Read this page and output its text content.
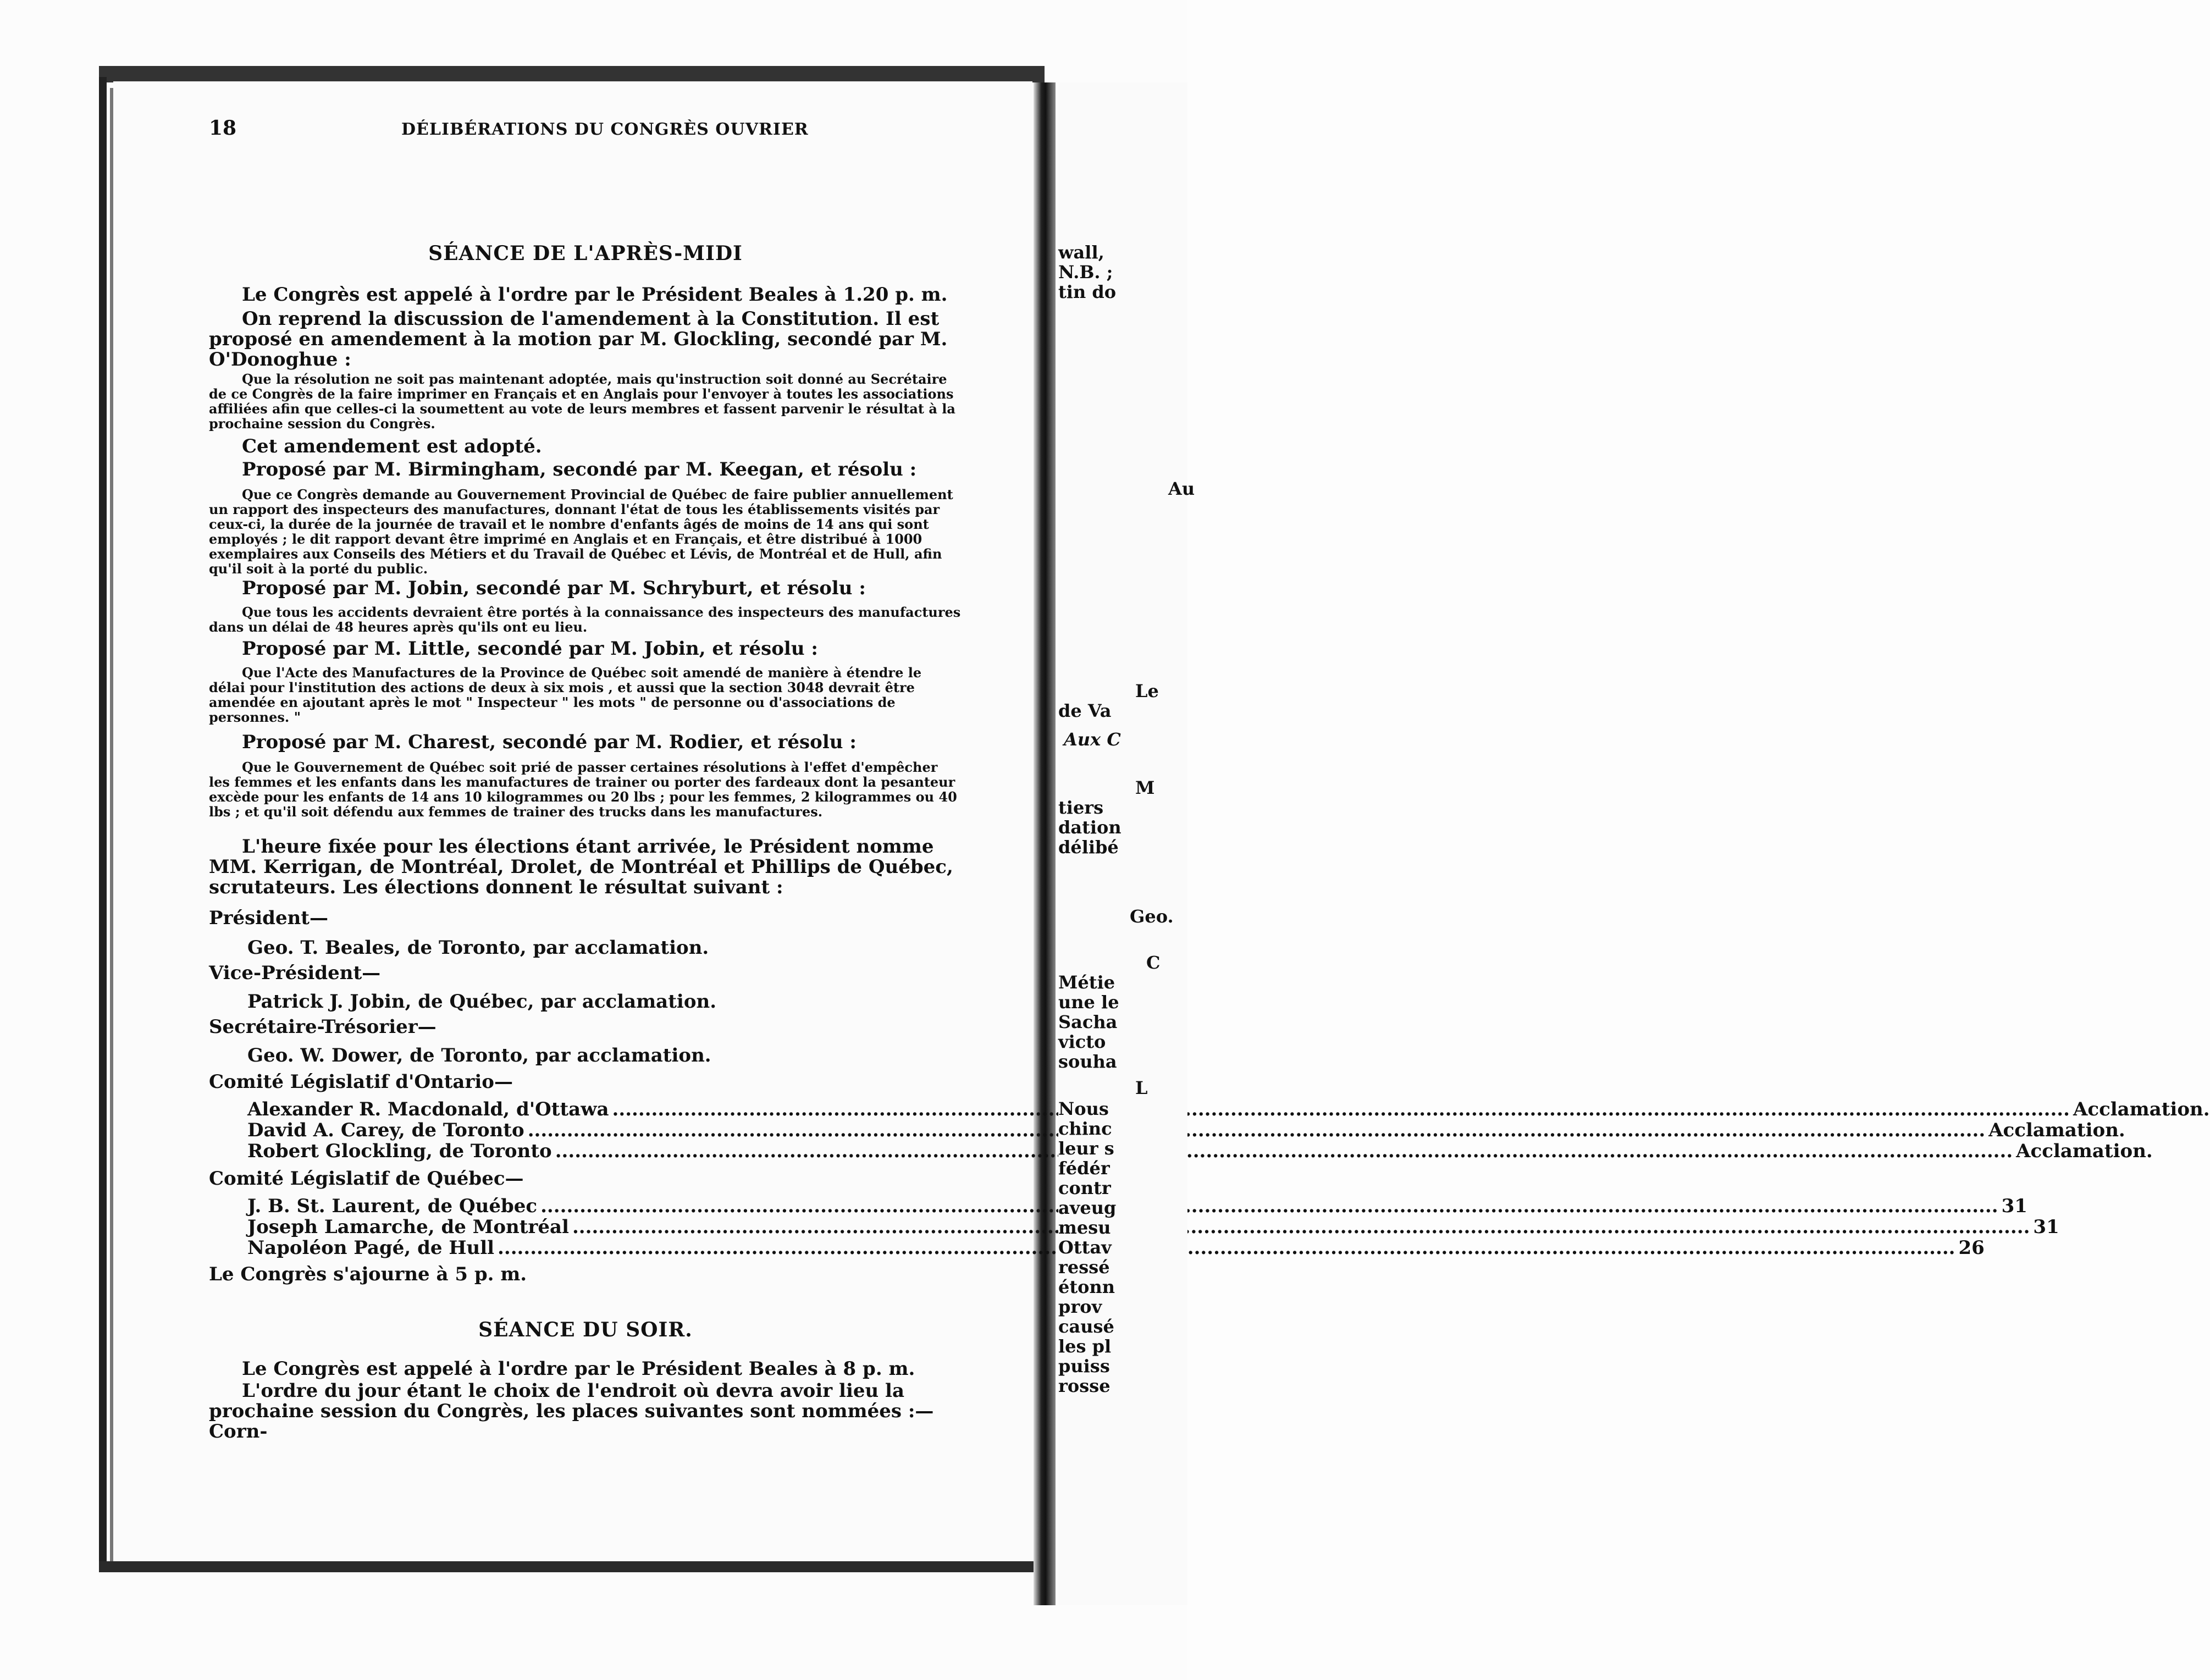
18	DÉLIBÉRATIONS DU CONGRÈS OUVRIER
SÉANCE DE L'APRÈS-MIDI
Le Congrès est appelé à l'ordre par le Président Beales à 1.20 p. m.
On reprend la discussion de l'amendement à la Constitution. Il est proposé en amendement à la motion par M. Glockling, secondé par M. O'Donoghue :
Que la résolution ne soit pas maintenant adoptée, mais qu'instruction soit donné au Secrétaire de ce Congrès de la faire imprimer en Français et en Anglais pour l'envoyer à toutes les associations affiliées afin que celles-ci la soumettent au vote de leurs membres et fassent parvenir le résultat à la prochaine session du Congrès.
Cet amendement est adopté.
Proposé par M. Birmingham, secondé par M. Keegan, et résolu :
Que ce Congrès demande au Gouvernement Provincial de Québec de faire publier annuellement un rapport des inspecteurs des manufactures, donnant l'état de tous les établissements visités par ceux-ci, la durée de la journée de travail et le nombre d'enfants âgés de moins de 14 ans qui sont employés ; le dit rapport devant être imprimé en Anglais et en Français, et être distribué à 1000 exemplaires aux Conseils des Métiers et du Travail de Québec et Lévis, de Montréal et de Hull, afin qu'il soit à la porté du public.
Proposé par M. Jobin, secondé par M. Schryburt, et résolu :
Que tous les accidents devraient être portés à la connaissance des inspecteurs des manufactures dans un délai de 48 heures après qu'ils ont eu lieu.
Proposé par M. Little, secondé par M. Jobin, et résolu :
Que l'Acte des Manufactures de la Province de Québec soit amendé de manière à étendre le délai pour l'institution des actions de deux à six mois , et aussi que la section 3048 devrait être amendée en ajoutant après le mot " Inspecteur " les mots " de personne ou d'associations de personnes. "
Proposé par M. Charest, secondé par M. Rodier, et résolu :
Que le Gouvernement de Québec soit prié de passer certaines résolutions à l'effet d'empêcher les femmes et les enfants dans les manufactures de trainer ou porter des fardeaux dont la pesanteur excède pour les enfants de 14 ans 10 kilogrammes ou 20 lbs ; pour les femmes, 2 kilogrammes ou 40 lbs ; et qu'il soit défendu aux femmes de trainer des trucks dans les manufactures.
L'heure fixée pour les élections étant arrivée, le Président nomme MM. Kerrigan, de Montréal, Drolet, de Montréal et Phillips de Québec, scrutateurs. Les élections donnent le résultat suivant :
Président—
Geo. T. Beales, de Toronto, par acclamation.
Vice-Président—
Patrick J. Jobin, de Québec, par acclamation.
Secrétaire-Trésorier—
Geo. W. Dower, de Toronto, par acclamation.
Comité Législatif d'Ontario—
Alexander R. Macdonald, d'Ottawa .....	Acclamation.
David A. Carey, de Toronto .....	Acclamation.
Robert Glockling, de Toronto .....	Acclamation.
Comité Législatif de Québec—
J. B. St. Laurent, de Québec .....	31
Joseph Lamarche, de Montréal .....	31
Napoléon Pagé, de Hull .....	26
Le Congrès s'ajourne à 5 p. m.
SÉANCE DU SOIR.
Le Congrès est appelé à l'ordre par le Président Beales à 8 p. m.
L'ordre du jour étant le choix de l'endroit où devra avoir lieu la prochaine session du Congrès, les places suivantes sont nommées :—Corn-
wall,
N.B. ;
tin do
Au
Le
de Va
Aux C
M
tiers
dation
délibé
Geo.
C
Métie
une le
Sacha
victo
souha
L
Nous
chinc
leur s
fédér
contr
aveug
mesu
Ottav
ressé
étonn
prov
causé
les pl
puiss
rosse
